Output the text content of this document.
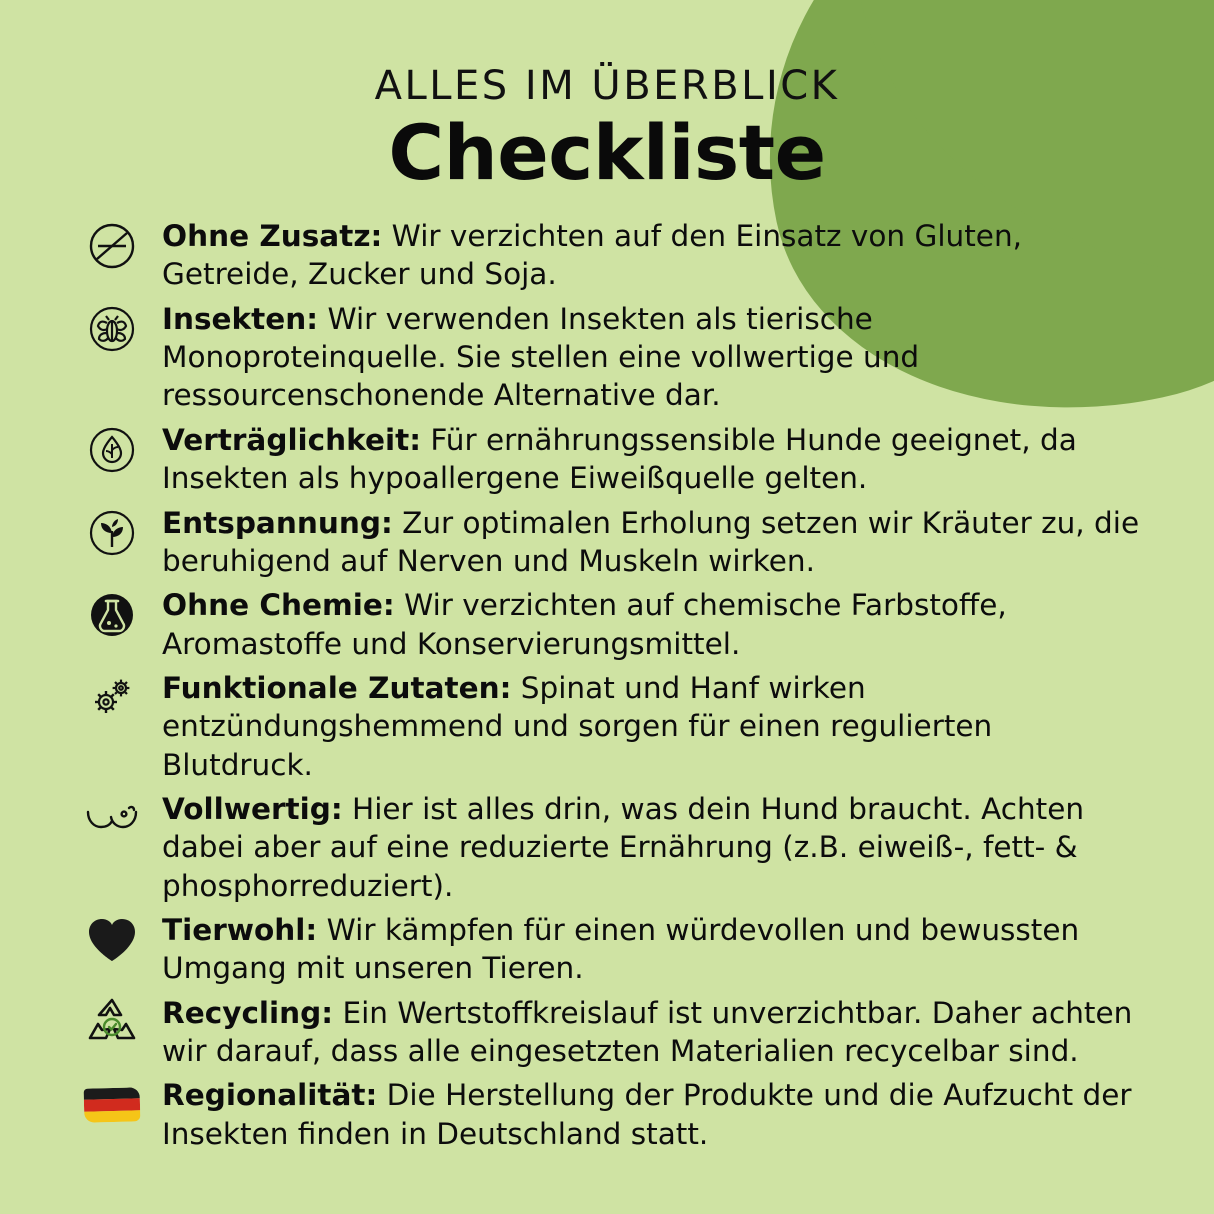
ALLES IM ÜBERBLICK
Checkliste
Ohne Zusatz: Wir verzichten auf den Einsatz von Gluten, Getreide, Zucker und Soja.
Insekten: Wir verwenden Insekten als tierische Monoproteinquelle. Sie stellen eine vollwertige und ressourcenschonende Alternative dar.
Verträglichkeit: Für ernährungssensible Hunde geeignet, da Insekten als hypoallergene Eiweißquelle gelten.
Entspannung: Zur optimalen Erholung setzen wir Kräuter zu, die beruhigend auf Nerven und Muskeln wirken.
Ohne Chemie: Wir verzichten auf chemische Farbstoffe, Aromastoffe und Konservierungsmittel.
Funktionale Zutaten: Spinat und Hanf wirken entzündungshemmend und sorgen für einen regulierten Blutdruck.
Vollwertig: Hier ist alles drin, was dein Hund braucht. Achten dabei aber auf eine reduzierte Ernährung (z.B. eiweiß-, fett- & phosphorreduziert).
Tierwohl: Wir kämpfen für einen würdevollen und bewussten Umgang mit unseren Tieren.
Recycling: Ein Wertstoffkreislauf ist unverzichtbar. Daher achten wir darauf, dass alle eingesetzten Materialien recycelbar sind.
Regionalität: Die Herstellung der Produkte und die Aufzucht der Insekten finden in Deutschland statt.
